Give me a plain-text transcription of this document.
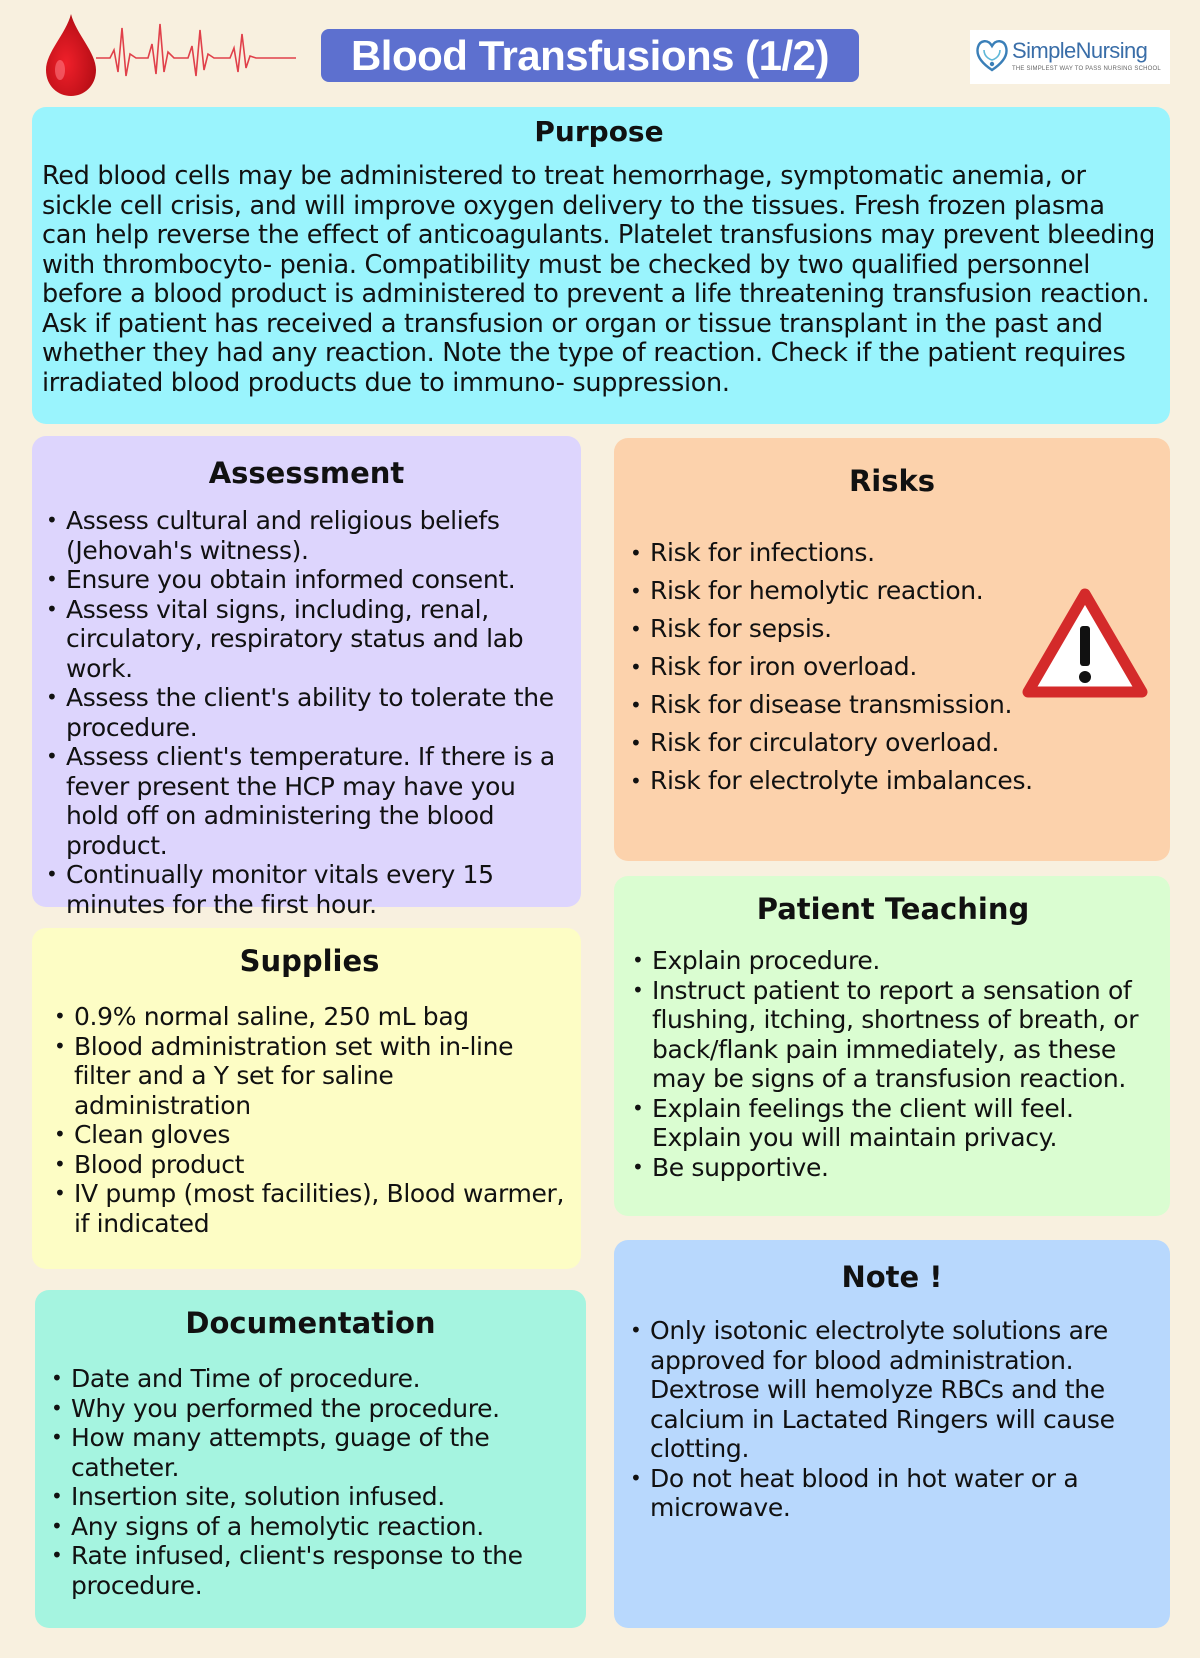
Blood Transfusions (1/2)	SimpleNursing
THE SIMPLEST WAY TO PASS NURSING SCHOOL
Purpose

Red blood cells may be administered to treat hemorrhage, symptomatic anemia, or sickle cell crisis, and will improve oxygen delivery to the tissues. Fresh frozen plasma can help reverse the effect of anticoagulants. Platelet transfusions may prevent bleeding with thrombocyto- penia. Compatibility must be checked by two qualified personnel before a blood product is administered to prevent a life threatening transfusion reaction. Ask if patient has received a transfusion or organ or tissue transplant in the past and whether they had any reaction. Note the type of reaction. Check if the patient requires irradiated blood products due to immuno- suppression.

Assessment
• Assess cultural and religious beliefs (Jehovah's witness).
• Ensure you obtain informed consent.
• Assess vital signs, including, renal, circulatory, respiratory status and lab work.
• Assess the client's ability to tolerate the procedure.
• Assess client's temperature. If there is a fever present the HCP may have you hold off on administering the blood product.
• Continually monitor vitals every 15 minutes for the first hour.
Risks
• Risk for infections.
• Risk for hemolytic reaction.
• Risk for sepsis.
• Risk for iron overload.
• Risk for disease transmission.
• Risk for circulatory overload.
• Risk for electrolyte imbalances.
Supplies
• 0.9% normal saline, 250 mL bag
• Blood administration set with in-line filter and a Y set for saline administration
• Clean gloves
• Blood product
• IV pump (most facilities), Blood warmer, if indicated
Patient Teaching
• Explain procedure.
• Instruct patient to report a sensation of flushing, itching, shortness of breath, or back/flank pain immediately, as these may be signs of a transfusion reaction.
• Explain feelings the client will feel. Explain you will maintain privacy.
• Be supportive.
Documentation
• Date and Time of procedure.
• Why you performed the procedure.
• How many attempts, guage of the catheter.
• Insertion site, solution infused.
• Any signs of a hemolytic reaction.
• Rate infused, client's response to the procedure.
Note !
• Only isotonic electrolyte solutions are approved for blood administration. Dextrose will hemolyze RBCs and the calcium in Lactated Ringers will cause clotting.
• Do not heat blood in hot water or a microwave.
